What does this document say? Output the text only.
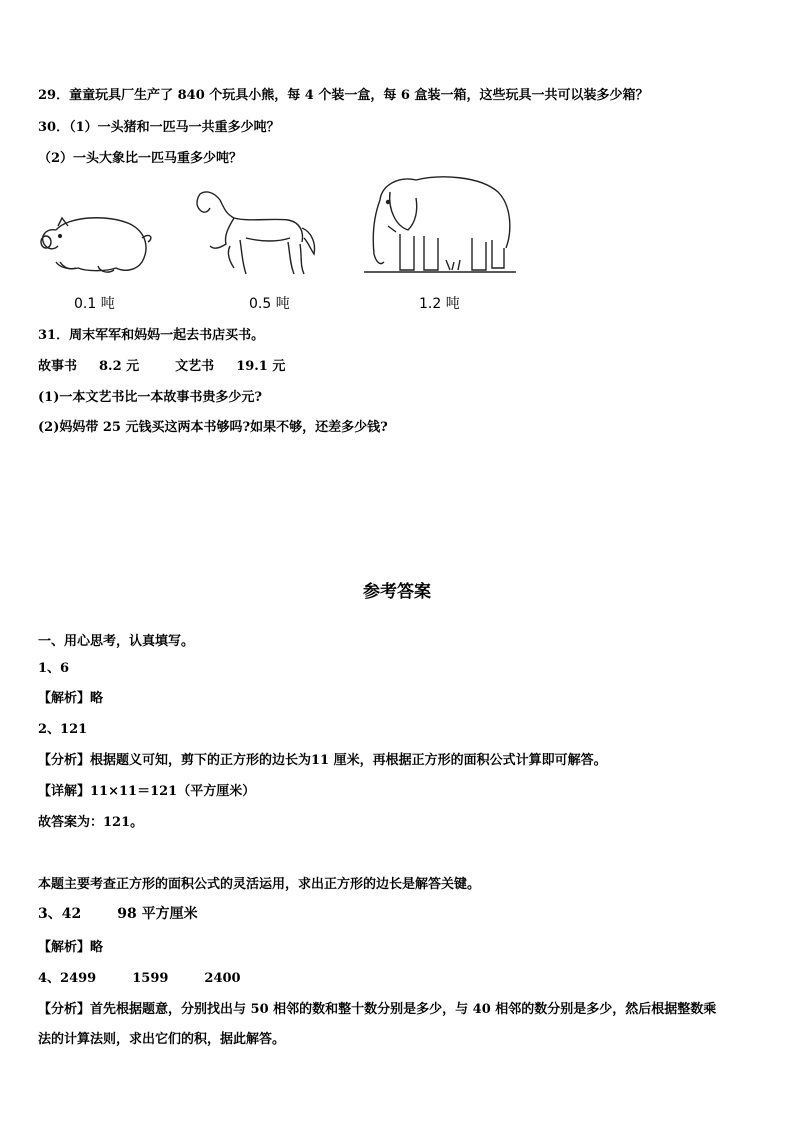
29．童童玩具厂生产了 840 个玩具小熊，每 4 个装一盒，每 6 盒装一箱，这些玩具一共可以装多少箱？
30．（1）一头猪和一匹马一共重多少吨？
（2）一头大象比一匹马重多少吨？
0.1 吨	0.5 吨	1.2 吨
31．周末军军和妈妈一起去书店买书。
故事书 8.2 元	文艺书 19.1 元
(1)一本文艺书比一本故事书贵多少元?
(2)妈妈带 25 元钱买这两本书够吗?如果不够，还差多少钱?
参考答案
一、用心思考，认真填写。
1、6
【解析】略
2、121
【分析】根据题义可知，剪下的正方形的边长为11 厘米，再根据正方形的面积公式计算即可解答。
【详解】11×11＝121（平方厘米）
故答案为：121。
本题主要考查正方形的面积公式的灵活运用，求出正方形的边长是解答关键。
3、42	98 平方厘米
【解析】略
4、2499	1599	2400
【分析】首先根据题意，分别找出与 50 相邻的数和整十数分别是多少，与 40 相邻的数分别是多少，然后根据整数乘
法的计算法则，求出它们的积，据此解答。
